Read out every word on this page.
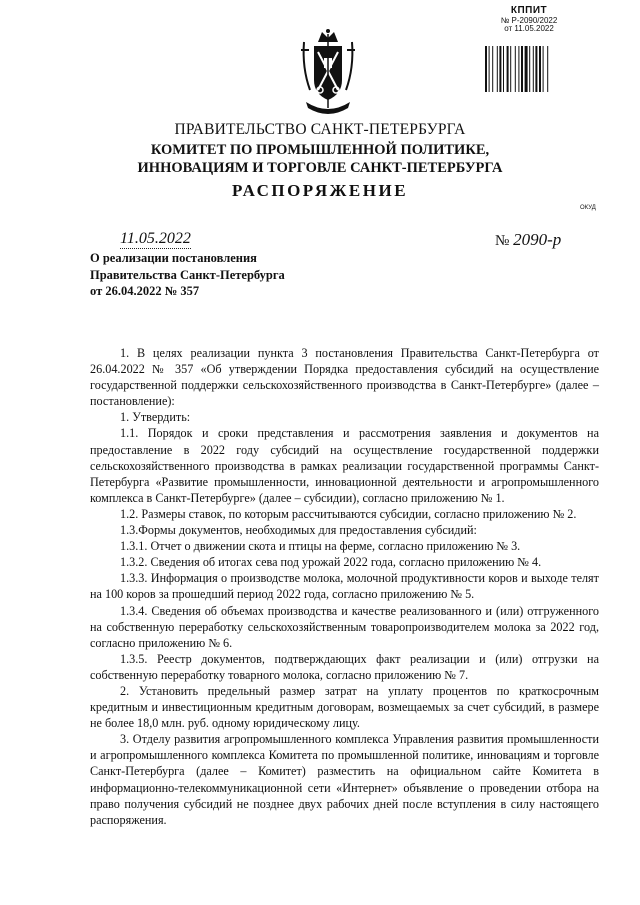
КППИТ
№ Р-2090/2022
от 11.05.2022
ПРАВИТЕЛЬСТВО САНКТ-ПЕТЕРБУРГА
КОМИТЕТ ПО ПРОМЫШЛЕННОЙ ПОЛИТИКЕ,
ИННОВАЦИЯМ И ТОРГОВЛЕ САНКТ-ПЕТЕРБУРГА
РАСПОРЯЖЕНИЕ
ОКУД
11.05.2022	№ 2090-р
О реализации постановления
Правительства Санкт-Петербурга
от 26.04.2022 № 357

1. В целях реализации пункта 3 постановления Правительства Санкт-Петербурга от 26.04.2022 № 357 «Об утверждении Порядка предоставления субсидий на осуществление государственной поддержки сельскохозяйственного производства в Санкт-Петербурге» (далее – постановление):

1. Утвердить:

1.1. Порядок и сроки представления и рассмотрения заявления и документов на предоставление в 2022 году субсидий на осуществление государственной поддержки сельскохозяйственного производства в рамках реализации государственной программы Санкт-Петербурга «Развитие промышленности, инновационной деятельности и агропромышленного комплекса в Санкт-Петербурге» (далее – субсидии), согласно приложению № 1.

1.2. Размеры ставок, по которым рассчитываются субсидии, согласно приложению № 2.

1.3.Формы документов, необходимых для предоставления субсидий:

1.3.1. Отчет о движении скота и птицы на ферме, согласно приложению № 3.

1.3.2. Сведения об итогах сева под урожай 2022 года, согласно приложению № 4.

1.3.3. Информация о производстве молока, молочной продуктивности коров и выходе телят на 100 коров за прошедший период 2022 года, согласно приложению № 5.

1.3.4. Сведения об объемах производства и качестве реализованного и (или) отгруженного на собственную переработку сельскохозяйственным товаропроизводителем молока за 2022 год, согласно приложению № 6.

1.3.5. Реестр документов, подтверждающих факт реализации и (или) отгрузки на собственную переработку товарного молока, согласно приложению № 7.

2. Установить предельный размер затрат на уплату процентов по краткосрочным кредитным и инвестиционным кредитным договорам, возмещаемых за счет субсидий, в размере не более 18,0 млн. руб. одному юридическому лицу.

3. Отделу развития агропромышленного комплекса Управления развития промышленности и агропромышленного комплекса Комитета по промышленной политике, инновациям и торговле Санкт-Петербурга (далее – Комитет) разместить на официальном сайте Комитета в информационно-телекоммуникационной сети «Интернет» объявление о проведении отбора на право получения субсидий не позднее двух рабочих дней после вступления в силу настоящего распоряжения.
